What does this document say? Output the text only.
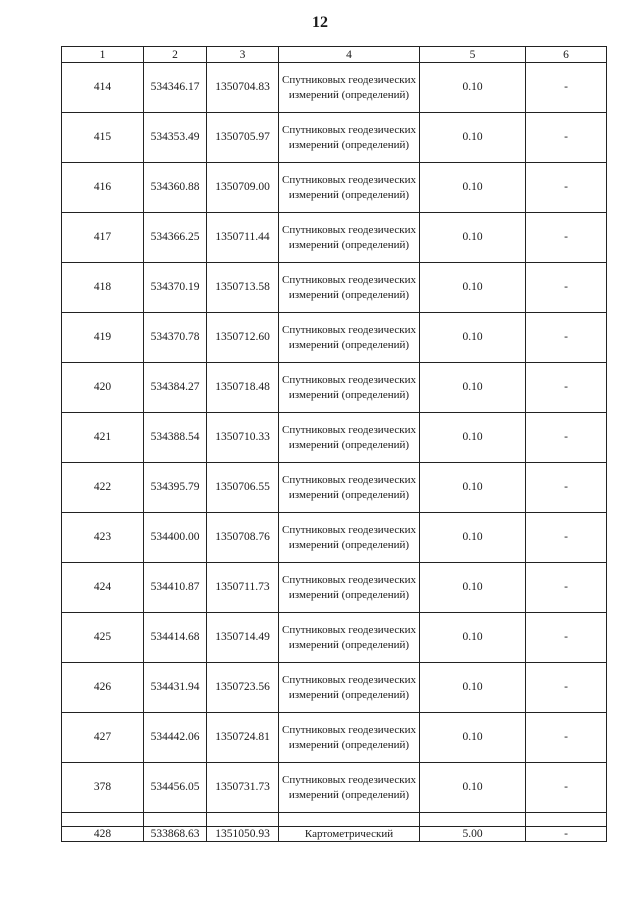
12
1	2	3	4	5	6
414	534346.17	1350704.83	Спутниковых геодезических измерений (определений)	0.10	-
415	534353.49	1350705.97	Спутниковых геодезических измерений (определений)	0.10	-
416	534360.88	1350709.00	Спутниковых геодезических измерений (определений)	0.10	-
417	534366.25	1350711.44	Спутниковых геодезических измерений (определений)	0.10	-
418	534370.19	1350713.58	Спутниковых геодезических измерений (определений)	0.10	-
419	534370.78	1350712.60	Спутниковых геодезических измерений (определений)	0.10	-
420	534384.27	1350718.48	Спутниковых геодезических измерений (определений)	0.10	-
421	534388.54	1350710.33	Спутниковых геодезических измерений (определений)	0.10	-
422	534395.79	1350706.55	Спутниковых геодезических измерений (определений)	0.10	-
423	534400.00	1350708.76	Спутниковых геодезических измерений (определений)	0.10	-
424	534410.87	1350711.73	Спутниковых геодезических измерений (определений)	0.10	-
425	534414.68	1350714.49	Спутниковых геодезических измерений (определений)	0.10	-
426	534431.94	1350723.56	Спутниковых геодезических измерений (определений)	0.10	-
427	534442.06	1350724.81	Спутниковых геодезических измерений (определений)	0.10	-
378	534456.05	1350731.73	Спутниковых геодезических измерений (определений)	0.10	-

428	533868.63	1351050.93	Картометрический	5.00	-
